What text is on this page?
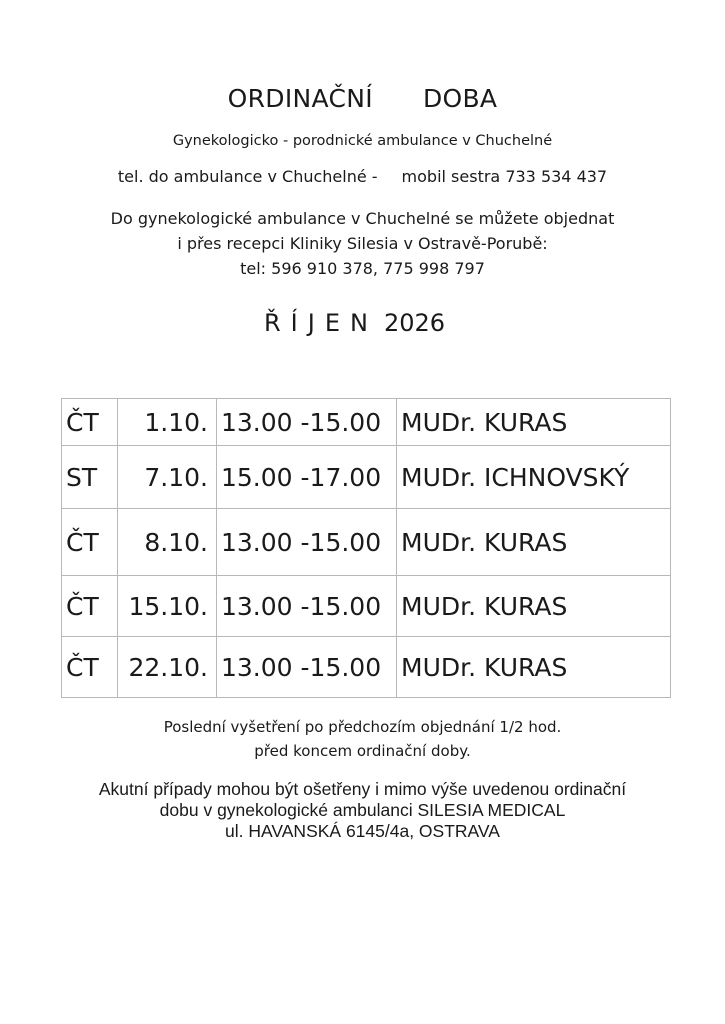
ORDINAČNÍ DOBA
Gynekologicko - porodnické ambulance v Chuchelné
tel. do ambulance v Chuchelné - mobil sestra 733 534 437
Do gynekologické ambulance v Chuchelné se můžete objednat
i přes recepci Kliniky Silesia v Ostravě-Porubě:
tel: 596 910 378, 775 998 797
ŘÍJEN 2026
ČT	1.10.	13.00 -15.00	MUDr. KURAS
ST	7.10.	15.00 -17.00	MUDr. ICHNOVSKÝ
ČT	8.10.	13.00 -15.00	MUDr. KURAS
ČT	15.10.	13.00 -15.00	MUDr. KURAS
ČT	22.10.	13.00 -15.00	MUDr. KURAS
Poslední vyšetření po předchozím objednání 1/2 hod.
před koncem ordinační doby.
Akutní případy mohou být ošetřeny i mimo výše uvedenou ordinační
dobu v gynekologické ambulanci SILESIA MEDICAL
ul. HAVANSKÁ 6145/4a, OSTRAVA
